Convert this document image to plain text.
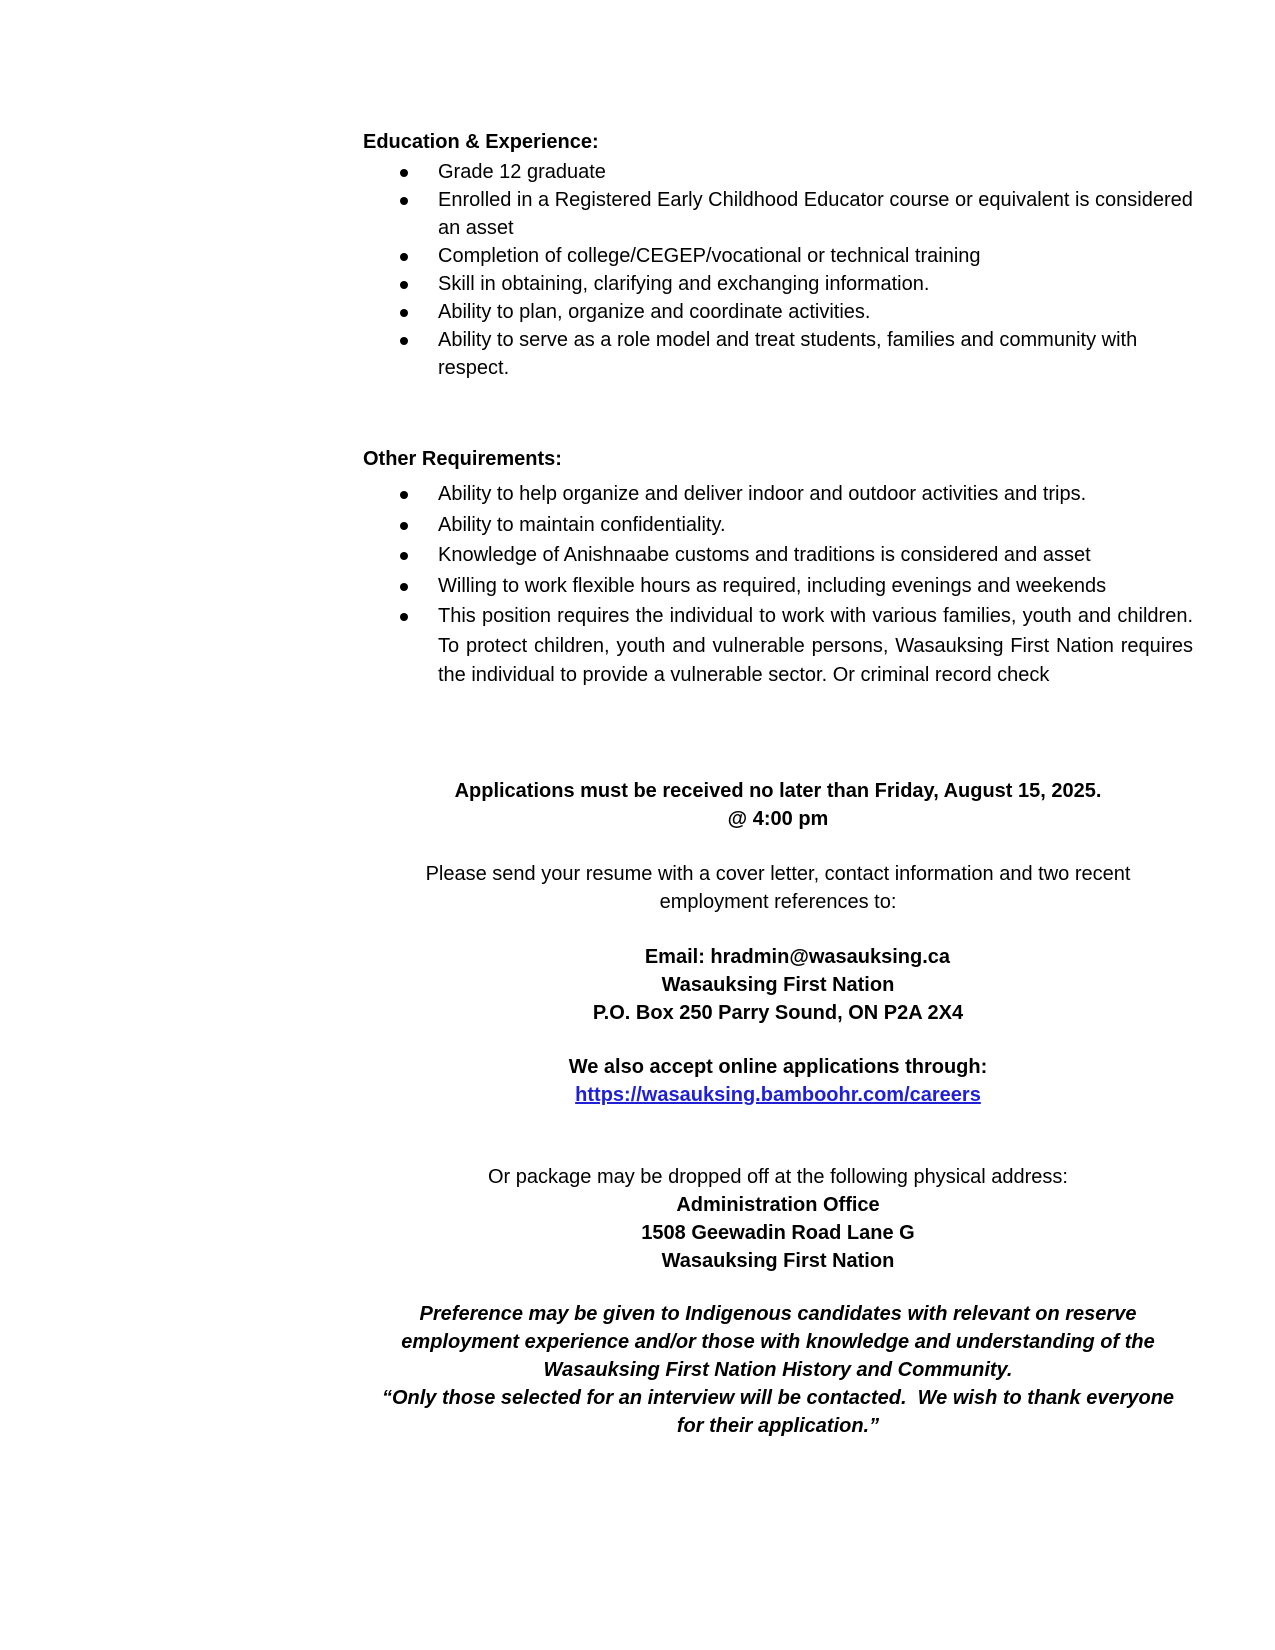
Education & Experience:
Grade 12 graduate
Enrolled in a Registered Early Childhood Educator course or equivalent is considered an asset
Completion of college/CEGEP/vocational or technical training
Skill in obtaining, clarifying and exchanging information.
Ability to plan, organize and coordinate activities.
Ability to serve as a role model and treat students, families and community with respect.
Other Requirements:
Ability to help organize and deliver indoor and outdoor activities and trips.
Ability to maintain confidentiality.
Knowledge of Anishnaabe customs and traditions is considered and asset
Willing to work flexible hours as required, including evenings and weekends
This position requires the individual to work with various families, youth and children. To protect children, youth and vulnerable persons, Wasauksing First Nation requires the individual to provide a vulnerable sector. Or criminal record check
Applications must be received no later than Friday, August 15, 2025.
@ 4:00 pm
Please send your resume with a cover letter, contact information and two recent
employment references to:
Email: hradmin@wasauksing.ca
Wasauksing First Nation
P.O. Box 250 Parry Sound, ON P2A 2X4
We also accept online applications through:
https://wasauksing.bamboohr.com/careers
Or package may be dropped off at the following physical address:
Administration Office
1508 Geewadin Road Lane G
Wasauksing First Nation
Preference may be given to Indigenous candidates with relevant on reserve
employment experience and/or those with knowledge and understanding of the
Wasauksing First Nation History and Community.
“Only those selected for an interview will be contacted.  We wish to thank everyone
for their application.”
